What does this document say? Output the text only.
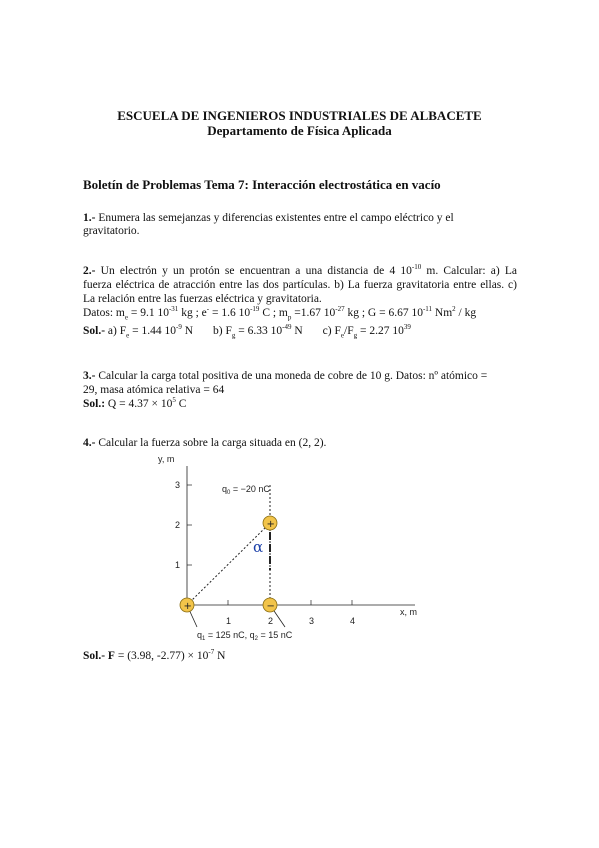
ESCUELA DE INGENIEROS INDUSTRIALES DE ALBACETE
Departamento de Física Aplicada
Boletín de Problemas Tema 7: Interacción electrostática en vacío
1.- Enumera las semejanzas y diferencias existentes entre el campo eléctrico y el
gravitatorio.
2.- Un electrón y un protón se encuentran a una distancia de 4 $10^{-10}$ m. Calcular: a) La
fuerza eléctrica de atracción entre las dos partículas. b) La fuerza gravitatoria entre ellas. c)
La relación entre las fuerzas eléctrica y gravitatoria.
Datos: $m_e = 9.1$ $10^{-31}$ kg ; e- = 1.6 $10^{-19}$ C ; $m_p =1.67$ $10^{-27}$ kg ; G = 6.67 $10^{-11}$ Nm$^2$ / kg
Sol.- a) $F_e = 1.44$ $10^{-9}$ N b) $F_g = 6.33$ $10^{-49}$ N c) $F_e/F_g = 2.27$ $10^{39}$
3.- Calcular la carga total positiva de una moneda de cobre de 10 g. Datos: nº atómico =
29, masa atómica relativa = 64
Sol.: $Q = 4.37 \times 10^5$ C
4.- Calcular la fuerza sobre la carga situada en (2, 2).
y, m
x, m
1
2
3
1	2	3	4
+
+	−
α
$q_0 = -20$ nC
$q_1 = 125$ nC, $q_2 = 15$ nC
Sol.- F = (3.98, $-2.77) \times 10^{-7}$ N
